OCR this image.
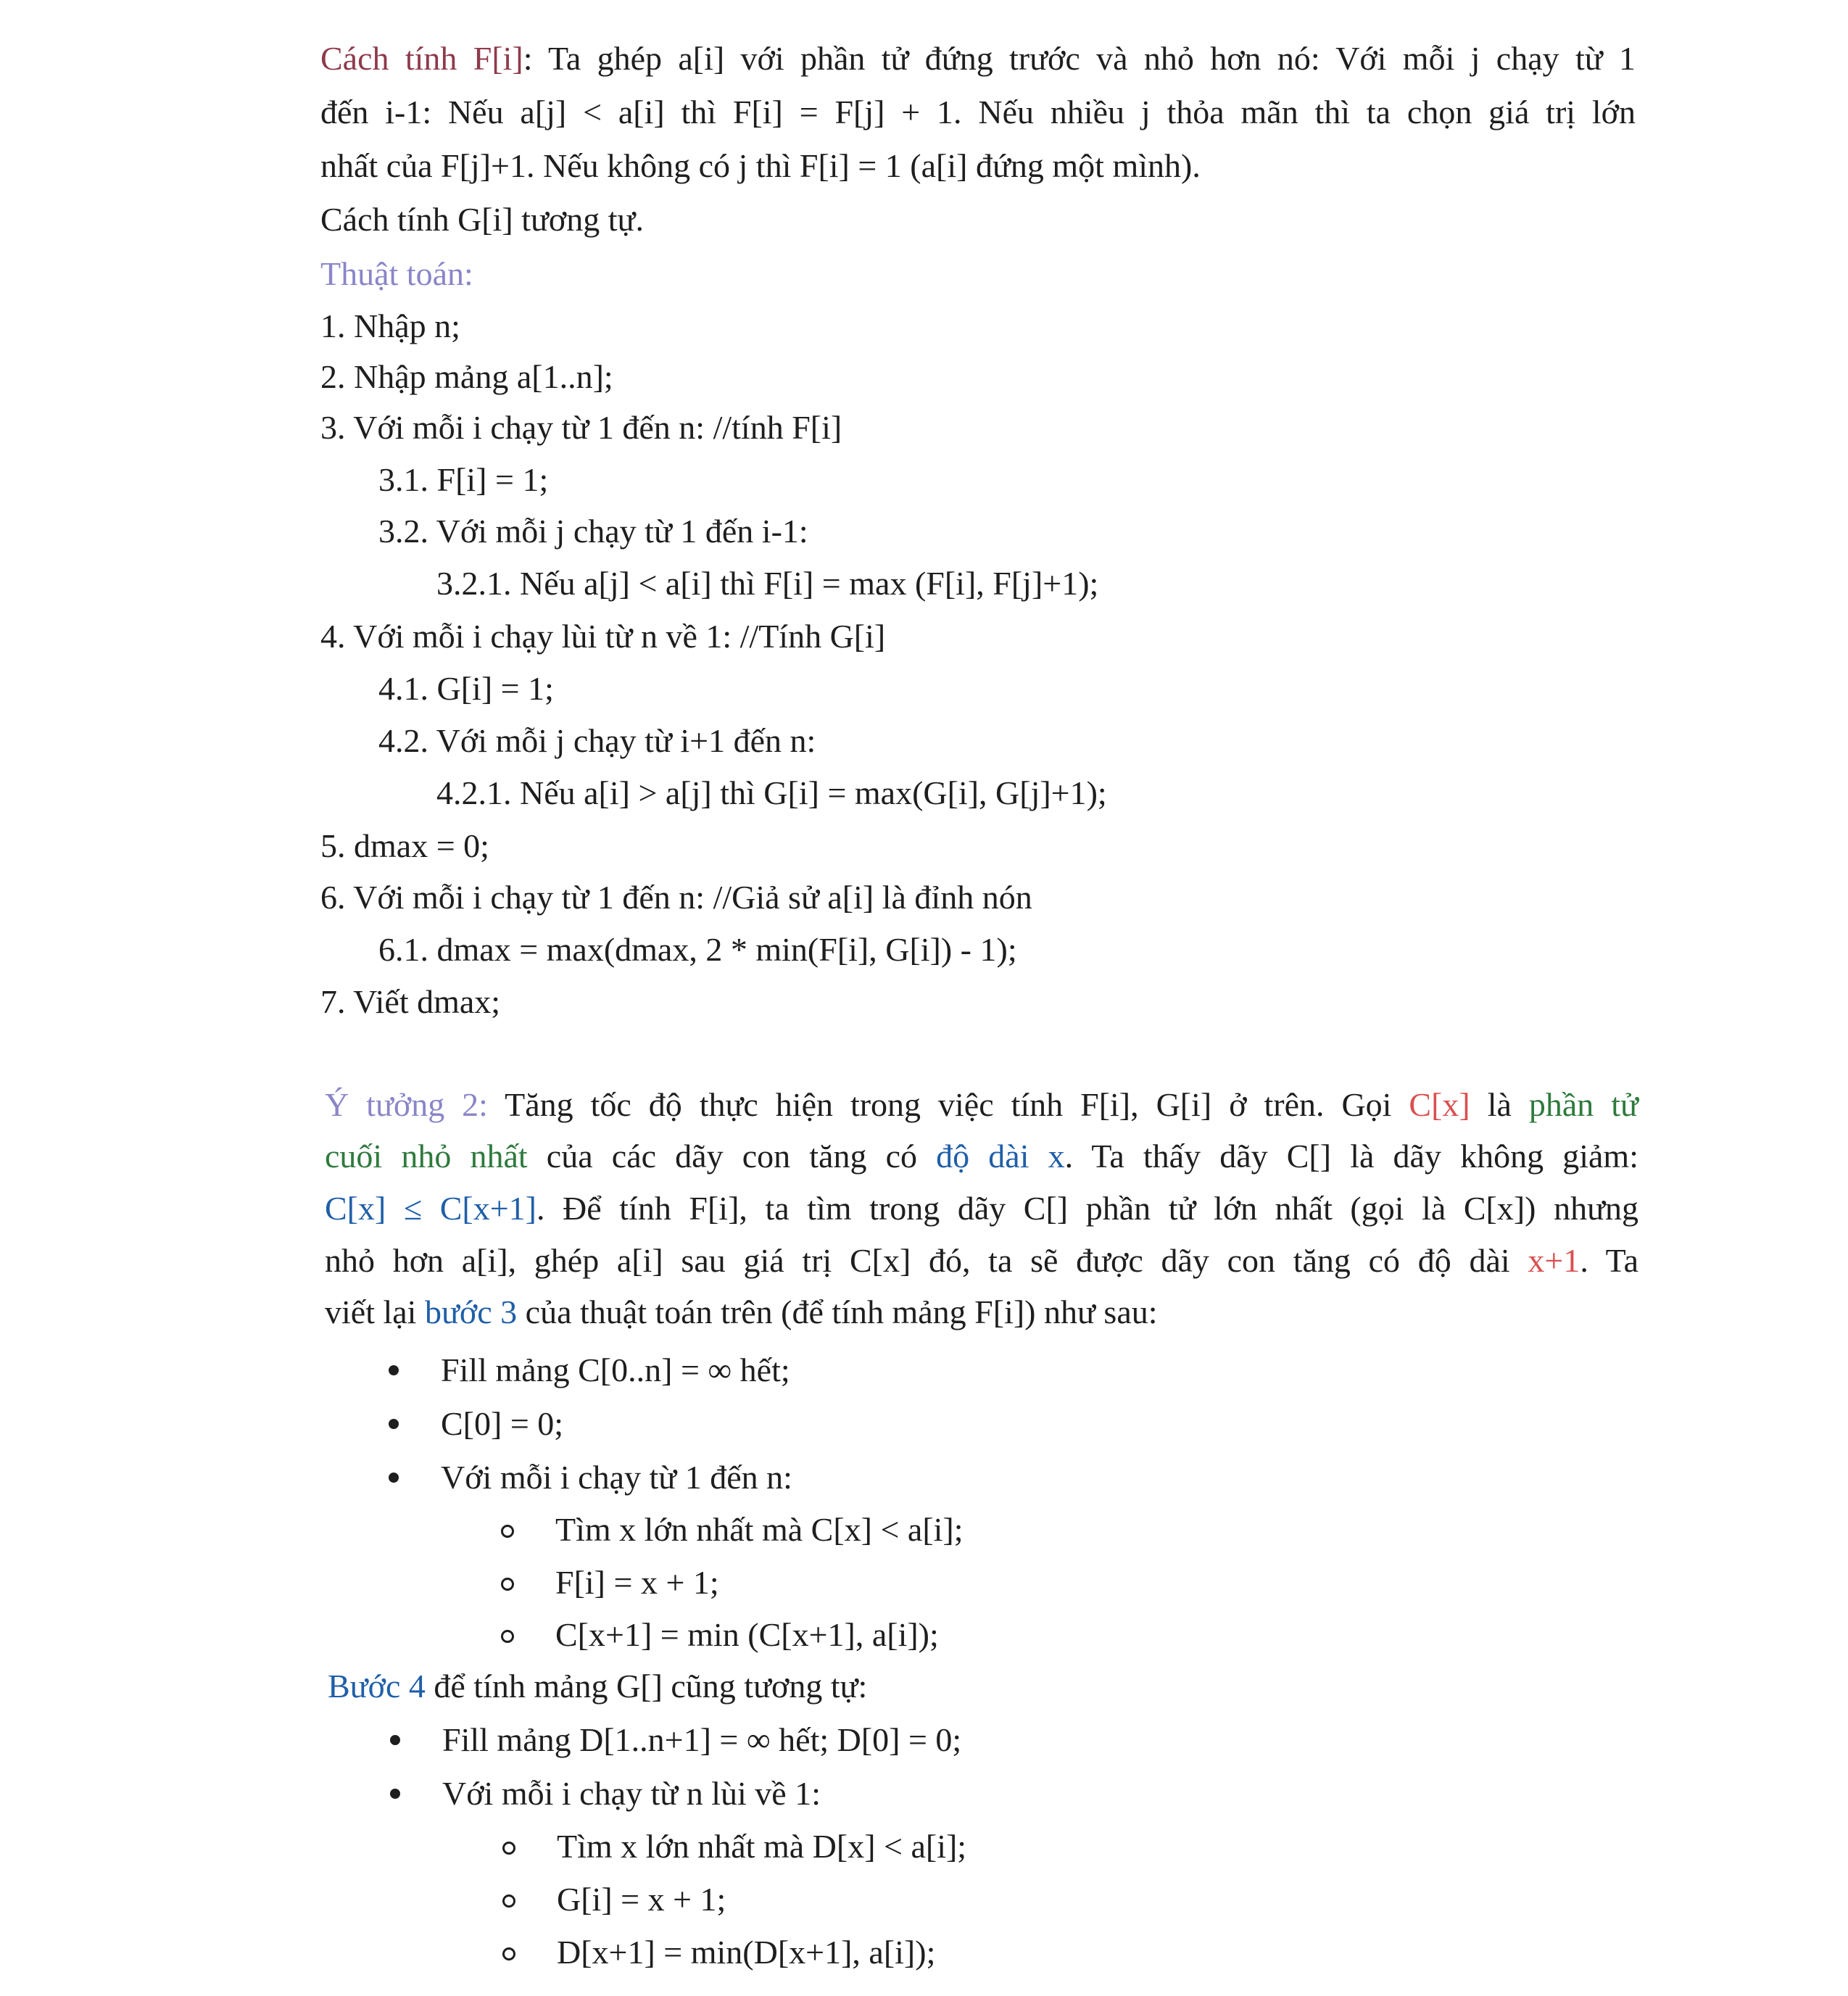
Cách tính F[i]: Ta ghép a[i] với phần tử đứng trước và nhỏ hơn nó: Với mỗi j chạy từ 1
đến i-1: Nếu a[j] < a[i] thì F[i] = F[j] + 1. Nếu nhiều j thỏa mãn thì ta chọn giá trị lớn
nhất của F[j]+1. Nếu không có j thì F[i] = 1 (a[i] đứng một mình).
Cách tính G[i] tương tự.
Thuật toán:
1. Nhập n;
2. Nhập mảng a[1..n];
3. Với mỗi i chạy từ 1 đến n: //tính F[i]
3.1. F[i] = 1;
3.2. Với mỗi j chạy từ 1 đến i-1:
3.2.1. Nếu a[j] < a[i] thì F[i] = max (F[i], F[j]+1);
4. Với mỗi i chạy lùi từ n về 1: //Tính G[i]
4.1. G[i] = 1;
4.2. Với mỗi j chạy từ i+1 đến n:
4.2.1. Nếu a[i] > a[j] thì G[i] = max(G[i], G[j]+1);
5. dmax = 0;
6. Với mỗi i chạy từ 1 đến n: //Giả sử a[i] là đỉnh nón
6.1. dmax = max(dmax, 2 * min(F[i], G[i]) - 1);
7. Viết dmax;
Ý tưởng 2: Tăng tốc độ thực hiện trong việc tính F[i], G[i] ở trên. Gọi C[x] là phần tử
cuối nhỏ nhất của các dãy con tăng có độ dài x. Ta thấy dãy C[] là dãy không giảm:
C[x] ≤ C[x+1]. Để tính F[i], ta tìm trong dãy C[] phần tử lớn nhất (gọi là C[x]) nhưng
nhỏ hơn a[i], ghép a[i] sau giá trị C[x] đó, ta sẽ được dãy con tăng có độ dài x+1. Ta
viết lại bước 3 của thuật toán trên (để tính mảng F[i]) như sau:
Fill mảng C[0..n] = ∞ hết;
C[0] = 0;
Với mỗi i chạy từ 1 đến n:
Tìm x lớn nhất mà C[x] < a[i];
F[i] = x + 1;
C[x+1] = min (C[x+1], a[i]);
Bước 4 để tính mảng G[] cũng tương tự:
Fill mảng D[1..n+1] = ∞ hết; D[0] = 0;
Với mỗi i chạy từ n lùi về 1:
Tìm x lớn nhất mà D[x] < a[i];
G[i] = x + 1;
D[x+1] = min(D[x+1], a[i]);
